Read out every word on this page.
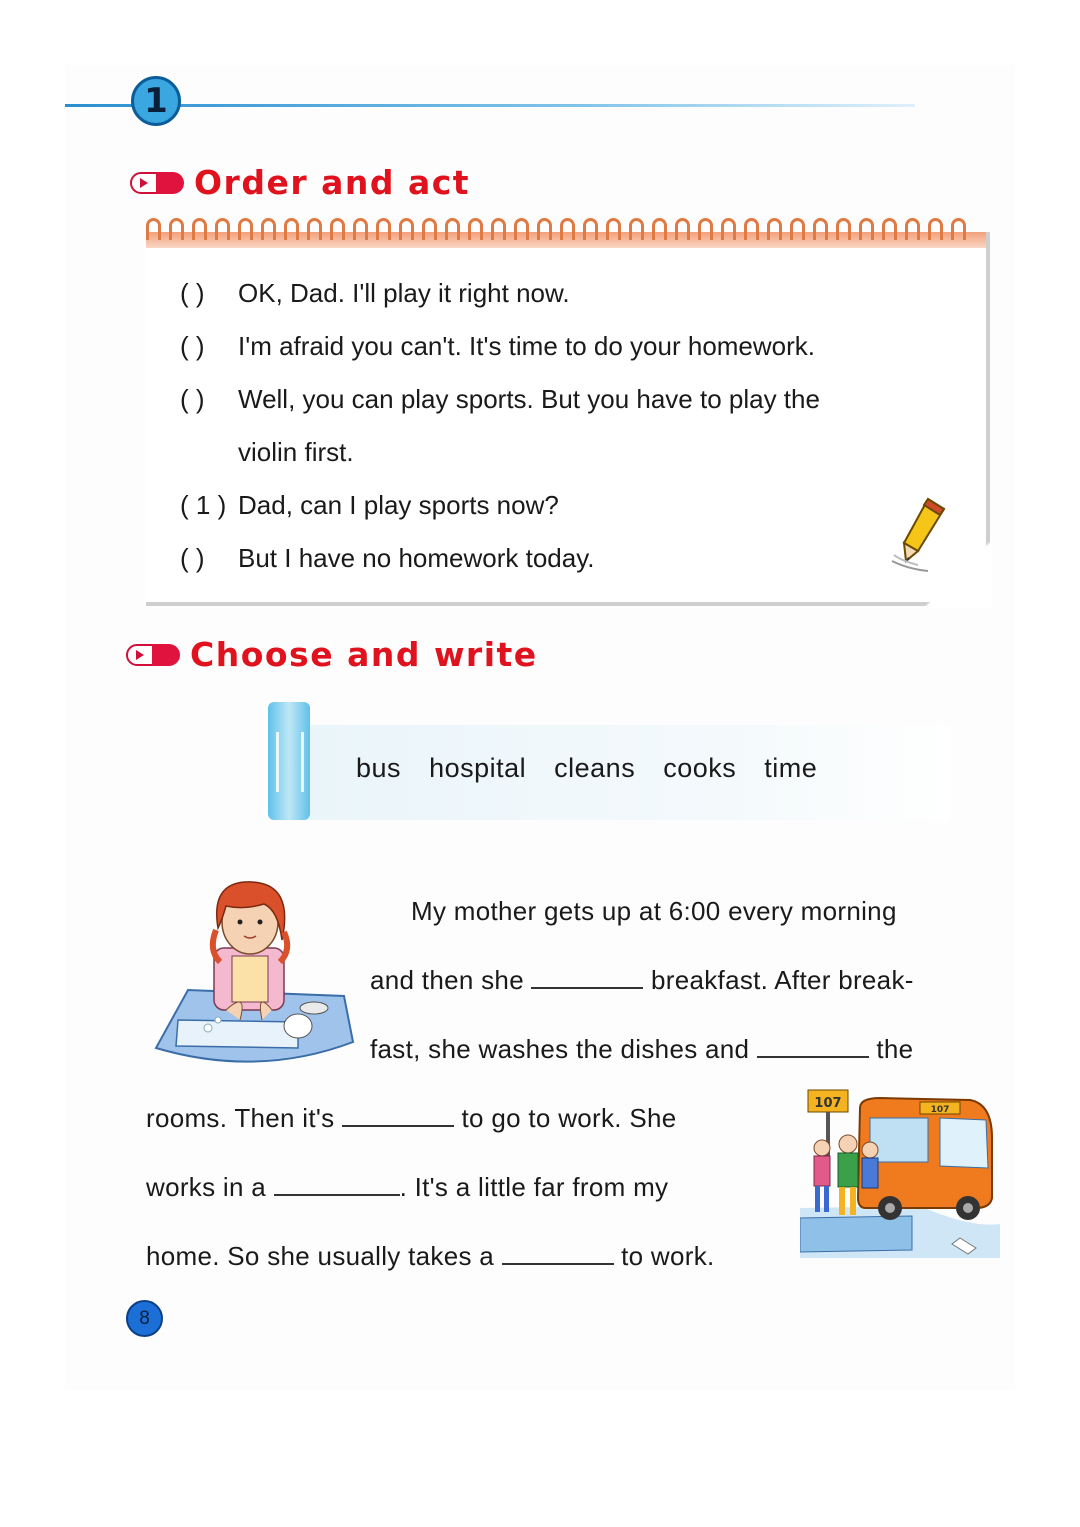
1
Order and act
( ) OK, Dad. I'll play it right now.
( ) I'm afraid you can't. It's time to do your homework.
( ) Well, you can play sports. But you have to play the
violin first.
( 1 ) Dad, can I play sports now?
( ) But I have no homework today.
Choose and write
bus hospital cleans cooks time
My mother gets up at 6:00 every morning
and then she	breakfast. After break-
fast, she washes the dishes and	the
rooms. Then it's	to go to work. She
works in a	. It's a little far from my
home. So she usually takes a	to work.
107	107
8
